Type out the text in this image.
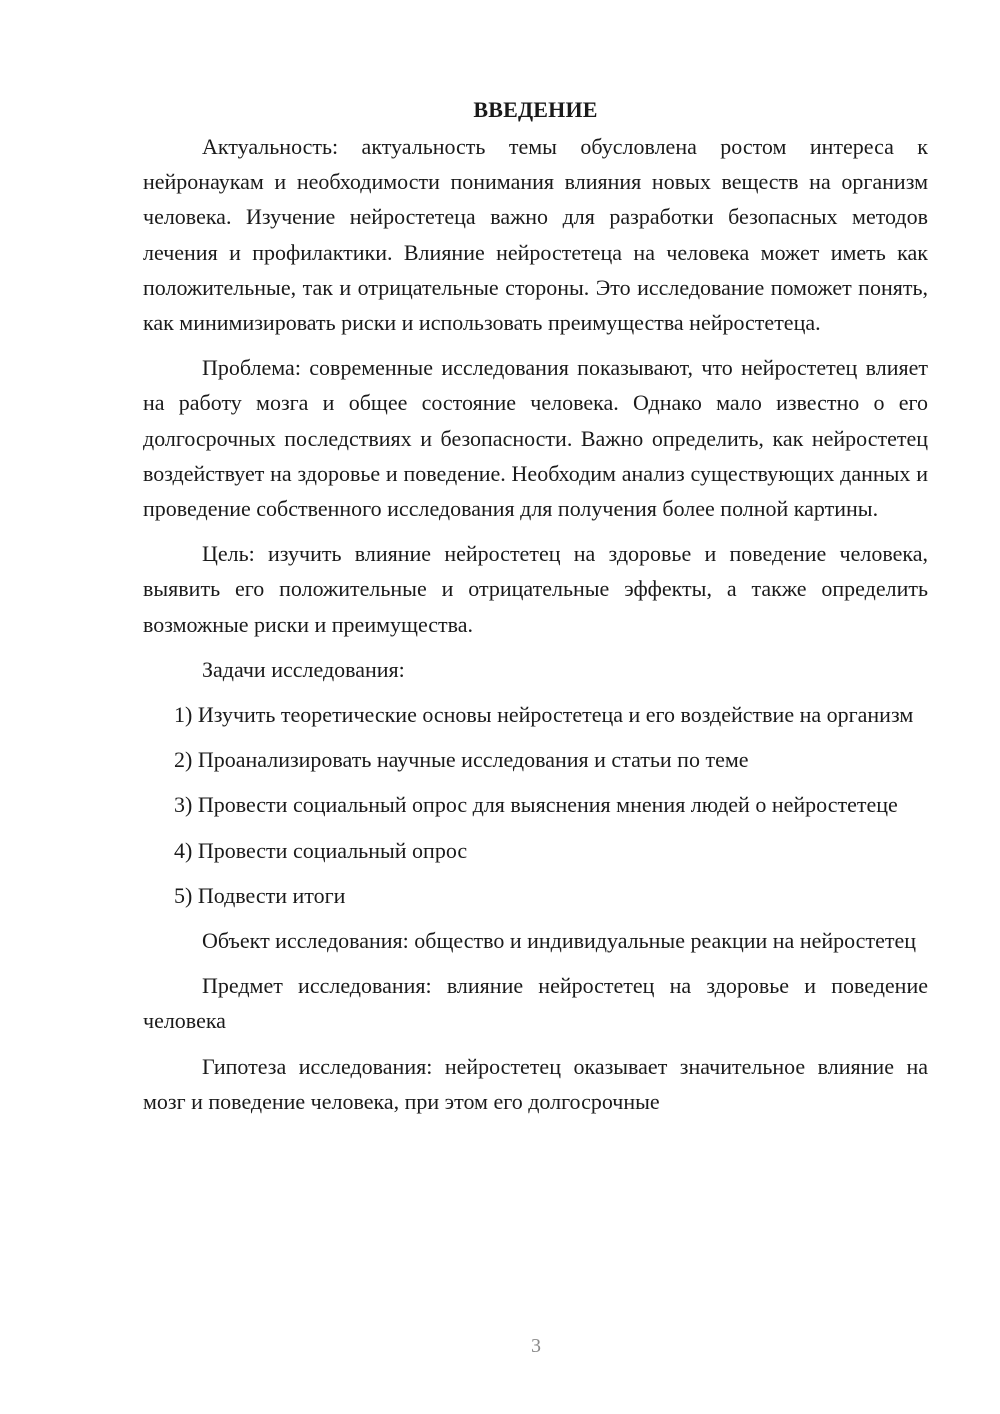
ВВЕДЕНИЕ

Актуальность: актуальность темы обусловлена ростом интереса к нейронаукам и необходимости понимания влияния новых веществ на организм человека. Изучение нейростетеца важно для разработки безопасных методов лечения и профилактики. Влияние нейростетеца на человека может иметь как положительные, так и отрицательные стороны. Это исследование поможет понять, как минимизировать риски и использовать преимущества нейростетеца.

Проблема: современные исследования показывают, что нейростетец влияет на работу мозга и общее состояние человека. Однако мало известно о его долгосрочных последствиях и безопасности. Важно определить, как нейростетец воздействует на здоровье и поведение. Необходим анализ существующих данных и проведение собственного исследования для получения более полной картины.

Цель: изучить влияние нейростетец на здоровье и поведение человека, выявить его положительные и отрицательные эффекты, а также определить возможные риски и преимущества.

Задачи исследования:

1) Изучить теоретические основы нейростетеца и его воздействие на организм

2) Проанализировать научные исследования и статьи по теме

3) Провести социальный опрос для выяснения мнения людей о нейростетеце

4) Провести социальный опрос

5) Подвести итоги

Объект исследования: общество и индивидуальные реакции на нейростетец

Предмет исследования: влияние нейростетец на здоровье и поведение человека

Гипотеза исследования: нейростетец оказывает значительное влияние на мозг и поведение человека, при этом его долгосрочные

3
